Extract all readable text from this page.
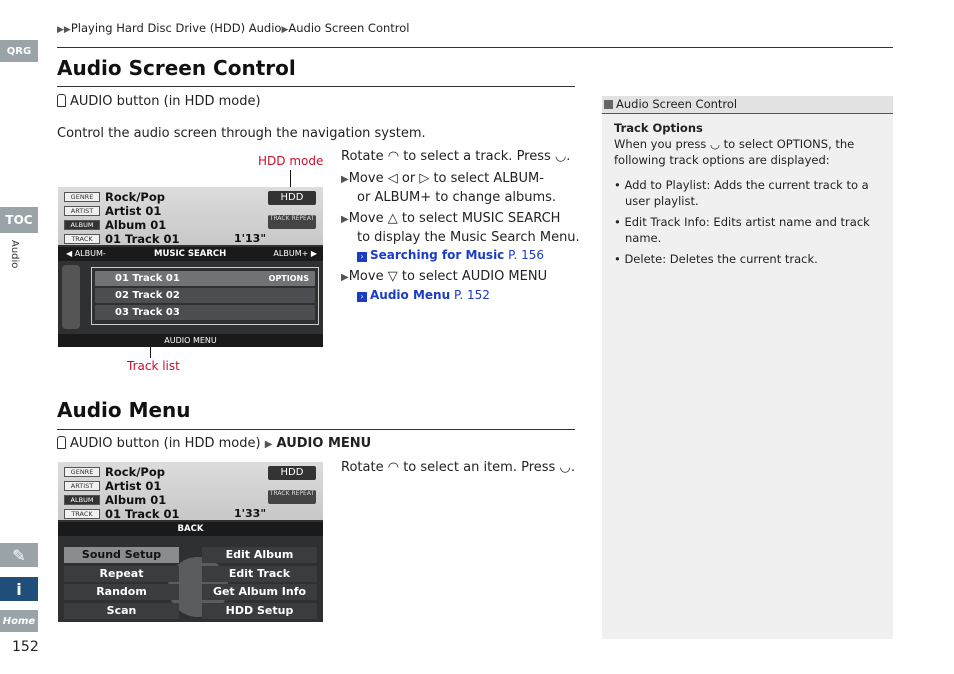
▶▶Playing Hard Disc Drive (HDD) Audio▶Audio Screen Control
QRG
TOC
Audio
✎
i
Home
152
Audio Screen Control
AUDIO button (in HDD mode)
Control the audio screen through the navigation system.
Rotate ◠ to select a track. Press ◡.
▶Move ◁ or ▷ to select ALBUM-
or ALBUM+ to change albums.
▶Move △ to select MUSIC SEARCH
to display the Music Search Menu.
› Searching for Music P. 156
▶Move ▽ to select AUDIO MENU
› Audio Menu P. 152
HDD mode
Track list
GENRE	Rock/Pop
ARTIST	Artist 01
ALBUM	Album 01
TRACK	01 Track 01	1'13"
HDD
TRACK REPEAT
◀ ALBUM-	MUSIC SEARCH	ALBUM+ ▶
01 Track 01	OPTIONS
02 Track 02
03 Track 03
AUDIO MENU
Audio Menu
AUDIO button (in HDD mode) ▶ AUDIO MENU
Rotate ◠ to select an item. Press ◡.
GENRE	Rock/Pop
ARTIST	Artist 01
ALBUM	Album 01
TRACK	01 Track 01	1'33"
HDD
TRACK REPEAT
BACK
Sound Setup
Repeat
Random
Scan
Edit Album
Edit Track
Get Album Info
HDD Setup
Audio Screen Control
Track Options
When you press ◡ to select OPTIONS, the
following track options are displayed:
• Add to Playlist: Adds the current track to a
user playlist.
• Edit Track Info: Edits artist name and track
name.
• Delete: Deletes the current track.
